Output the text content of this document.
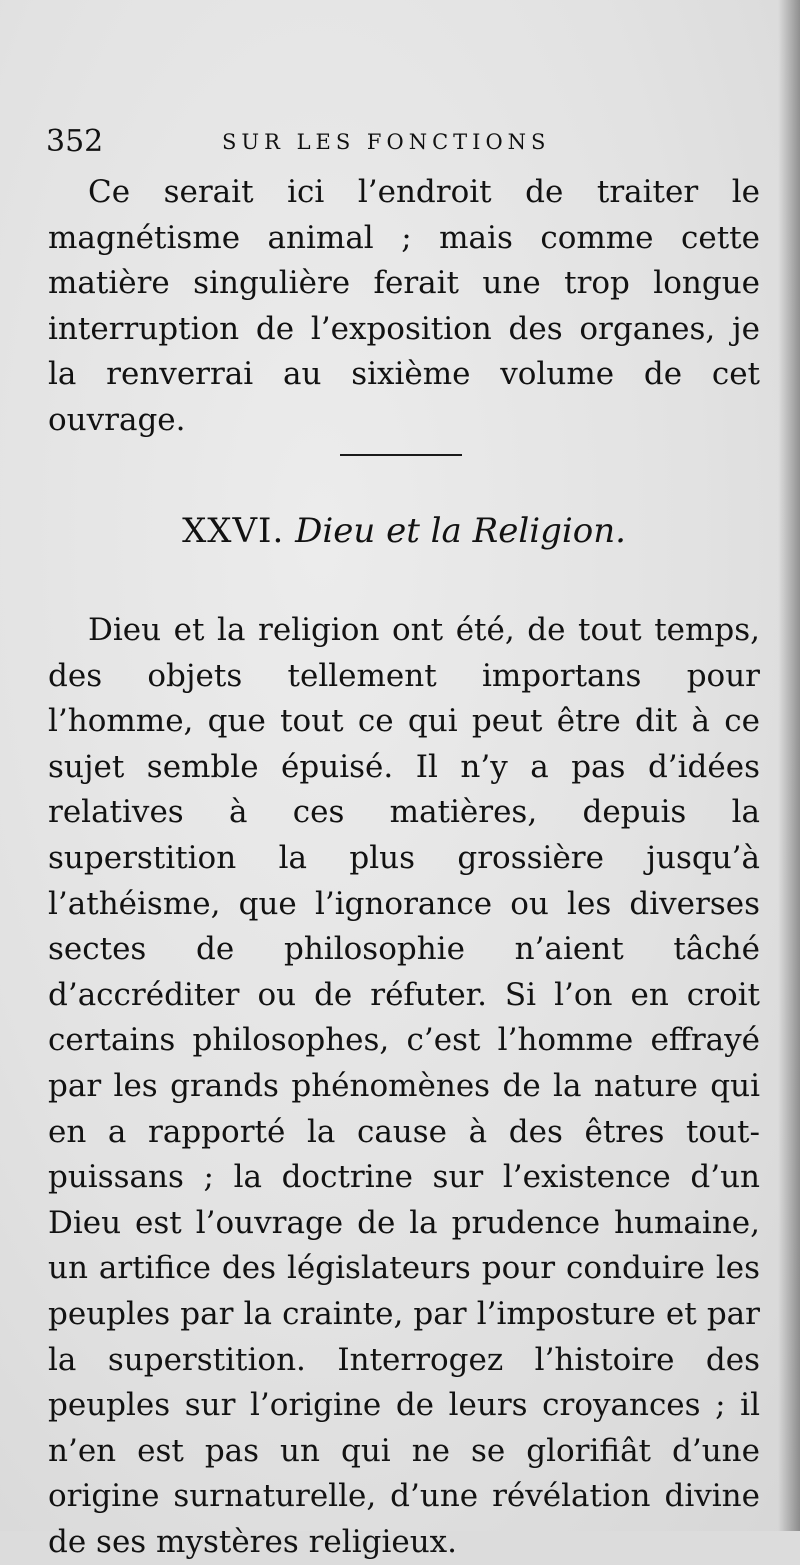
352	SUR LES FONCTIONS

Ce serait ici l’endroit de traiter le magnétisme animal ; mais comme cette matière singulière ferait une trop longue interruption de l’exposition des organes, je la renverrai au sixième volume de cet ouvrage.

XXVI. Dieu et la Religion.

Dieu et la religion ont été, de tout temps, des objets tellement importans pour l’homme, que tout ce qui peut être dit à ce sujet semble épuisé. Il n’y a pas d’idées relatives à ces matières, depuis la superstition la plus grossière jusqu’à l’athéisme, que l’ignorance ou les diverses sectes de philosophie n’aient tâché d’accréditer ou de réfuter. Si l’on en croit certains philosophes, c’est l’homme effrayé par les grands phénomènes de la nature qui en a rapporté la cause à des êtres tout-puissans ; la doctrine sur l’existence d’un Dieu est l’ouvrage de la prudence humaine, un artifice des législateurs pour conduire les peuples par la crainte, par l’imposture et par la superstition. Interrogez l’histoire des peuples sur l’origine de leurs croyances ; il n’en est pas un qui ne se glorifiât d’une origine surnaturelle, d’une révélation divine de ses mystères religieux.
